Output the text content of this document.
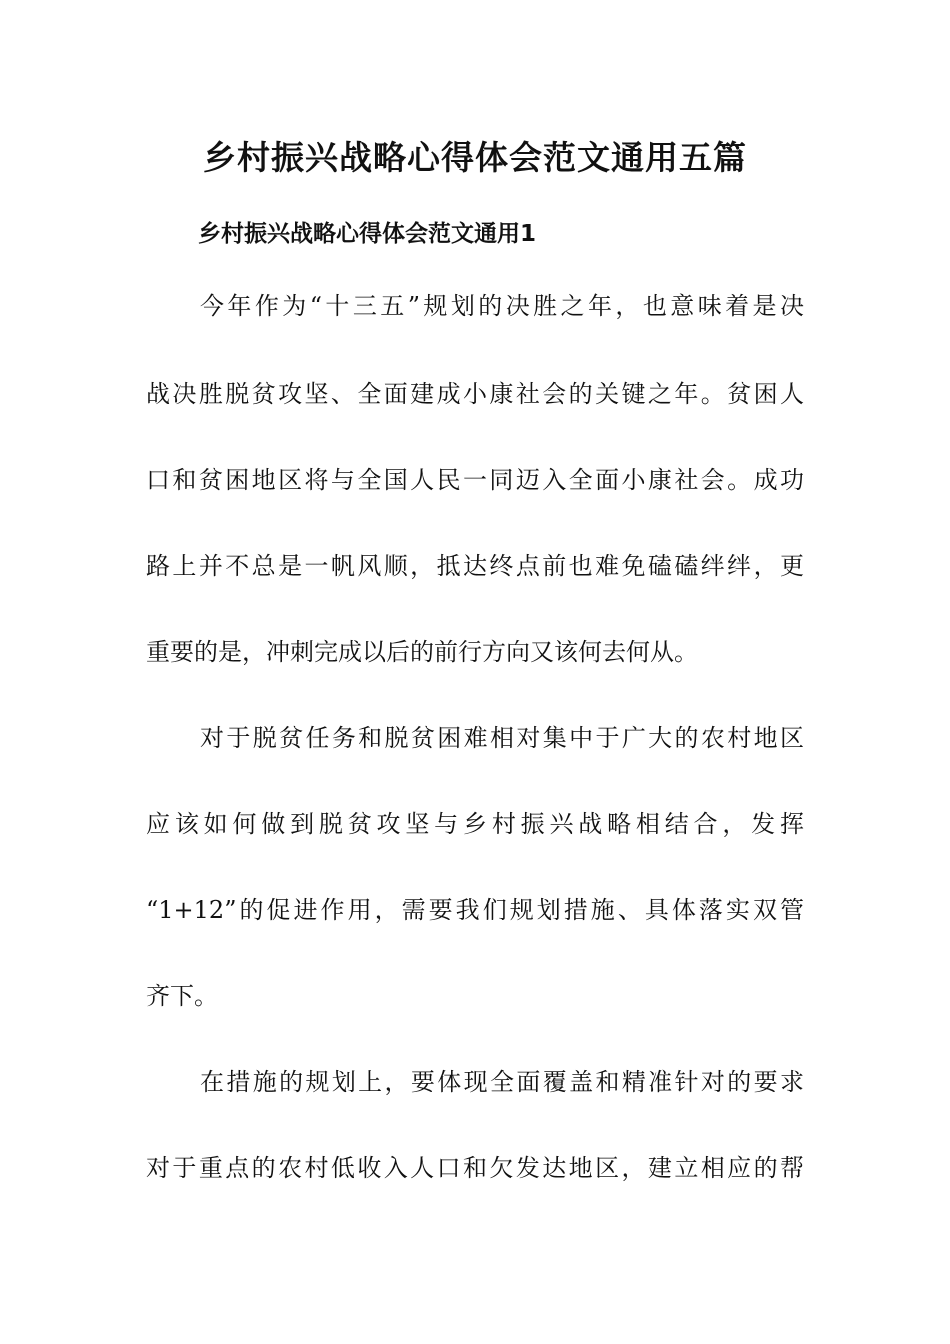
乡村振兴战略心得体会范文通用五篇
乡村振兴战略心得体会范文通用1

今年作为“十三五”规划的决胜之年，也意味着是决

战决胜脱贫攻坚、全面建成小康社会的关键之年。贫困人

口和贫困地区将与全国人民一同迈入全面小康社会。成功

路上并不总是一帆风顺，抵达终点前也难免磕磕绊绊，更

重要的是，冲刺完成以后的前行方向又该何去何从。

对于脱贫任务和脱贫困难相对集中于广大的农村地区

应该如何做到脱贫攻坚与乡村振兴战略相结合，发挥

“1+12”的促进作用，需要我们规划措施、具体落实双管

齐下。

在措施的规划上，要体现全面覆盖和精准针对的要求

对于重点的农村低收入人口和欠发达地区，建立相应的帮
